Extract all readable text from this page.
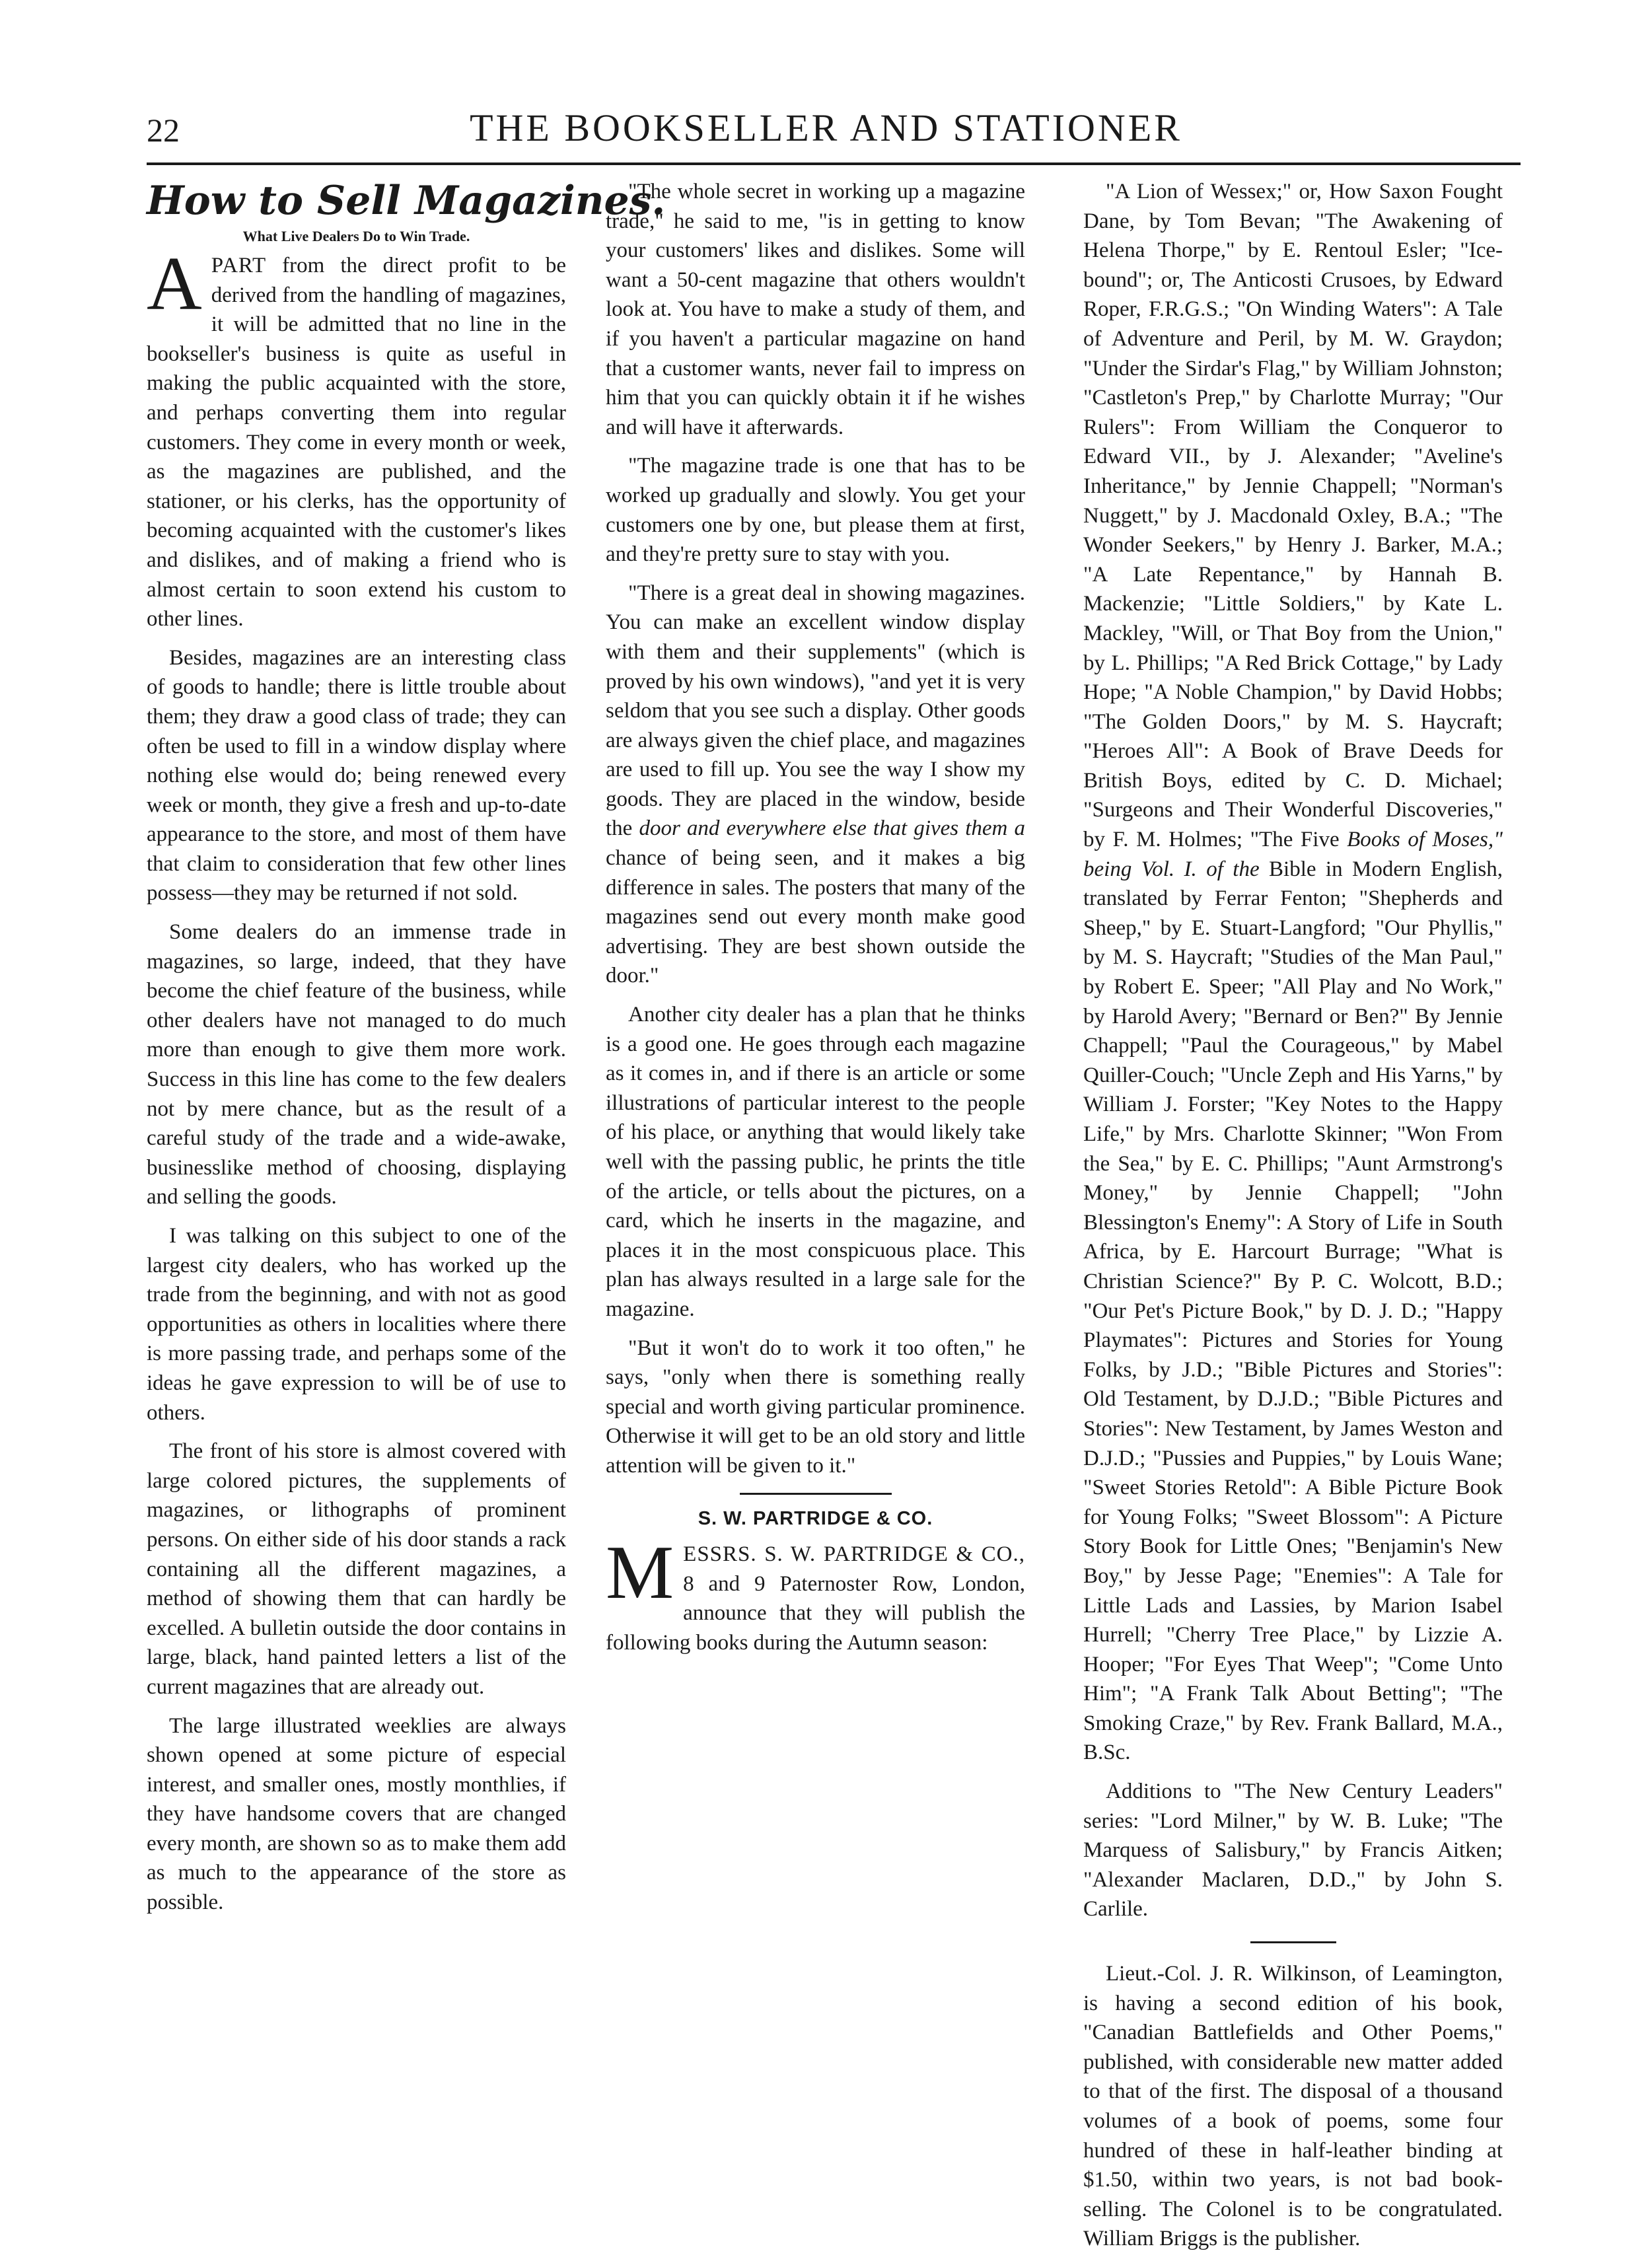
22	THE BOOKSELLER AND STATIONER
How to Sell Magazines.
What Live Dealers Do to Win Trade.

APART from the direct profit to be derived from the handling of magazines, it will be admitted that no line in the bookseller's business is quite as useful in making the public acquainted with the store, and perhaps converting them into regular customers. They come in every month or week, as the magazines are published, and the stationer, or his clerks, has the opportunity of becoming acquainted with the customer's likes and dislikes, and of making a friend who is almost certain to soon extend his custom to other lines.

Besides, magazines are an interesting class of goods to handle; there is little trouble about them; they draw a good class of trade; they can often be used to fill in a window display where nothing else would do; being renewed every week or month, they give a fresh and up-to-date appearance to the store, and most of them have that claim to consideration that few other lines possess—they may be returned if not sold.

Some dealers do an immense trade in magazines, so large, indeed, that they have become the chief feature of the business, while other dealers have not managed to do much more than enough to give them more work. Success in this line has come to the few dealers not by mere chance, but as the result of a careful study of the trade and a wide-awake, businesslike method of choosing, displaying and selling the goods.

I was talking on this subject to one of the largest city dealers, who has worked up the trade from the beginning, and with not as good opportunities as others in localities where there is more passing trade, and perhaps some of the ideas he gave expression to will be of use to others.

The front of his store is almost covered with large colored pictures, the supplements of magazines, or lithographs of prominent persons. On either side of his door stands a rack containing all the different magazines, a method of showing them that can hardly be excelled. A bulletin outside the door contains in large, black, hand painted letters a list of the current magazines that are already out.

The large illustrated weeklies are always shown opened at some picture of especial interest, and smaller ones, mostly monthlies, if they have handsome covers that are changed every month, are shown so as to make them add as much to the appearance of the store as possible.

"The whole secret in working up a magazine trade," he said to me, "is in getting to know your customers' likes and dislikes. Some will want a 50-cent magazine that others wouldn't look at. You have to make a study of them, and if you haven't a particular magazine on hand that a customer wants, never fail to impress on him that you can quickly obtain it if he wishes and will have it afterwards.

"The magazine trade is one that has to be worked up gradually and slowly. You get your customers one by one, but please them at first, and they're pretty sure to stay with you.

"There is a great deal in showing magazines. You can make an excellent window display with them and their supplements" (which is proved by his own windows), "and yet it is very seldom that you see such a display. Other goods are always given the chief place, and magazines are used to fill up. You see the way I show my goods. They are placed in the window, beside the door and everywhere else that gives them a chance of being seen, and it makes a big difference in sales. The posters that many of the magazines send out every month make good advertising. They are best shown outside the door."

Another city dealer has a plan that he thinks is a good one. He goes through each magazine as it comes in, and if there is an article or some illustrations of particular interest to the people of his place, or anything that would likely take well with the passing public, he prints the title of the article, or tells about the pictures, on a card, which he inserts in the magazine, and places it in the most conspicuous place. This plan has always resulted in a large sale for the magazine.

"But it won't do to work it too often," he says, "only when there is something really special and worth giving particular prominence. Otherwise it will get to be an old story and little attention will be given to it."

S. W. PARTRIDGE & CO.

MESSRS. S. W. PARTRIDGE & CO., 8 and 9 Paternoster Row, London, announce that they will publish the following books during the Autumn season:

"A Lion of Wessex;" or, How Saxon Fought Dane, by Tom Bevan; "The Awakening of Helena Thorpe," by E. Rentoul Esler; "Ice-bound"; or, The Anticosti Crusoes, by Edward Roper, F.R.G.S.; "On Winding Waters": A Tale of Adventure and Peril, by M. W. Graydon; "Under the Sirdar's Flag," by William Johnston; "Castleton's Prep," by Charlotte Murray; "Our Rulers": From William the Conqueror to Edward VII., by J. Alexander; "Aveline's Inheritance," by Jennie Chappell; "Norman's Nuggett," by J. Macdonald Oxley, B.A.; "The Wonder Seekers," by Henry J. Barker, M.A.; "A Late Repentance," by Hannah B. Mackenzie; "Little Soldiers," by Kate L. Mackley, "Will, or That Boy from the Union," by L. Phillips; "A Red Brick Cottage," by Lady Hope; "A Noble Champion," by David Hobbs; "The Golden Doors," by M. S. Haycraft; "Heroes All": A Book of Brave Deeds for British Boys, edited by C. D. Michael; "Surgeons and Their Wonderful Discoveries," by F. M. Holmes; "The Five Books of Moses," being Vol. I. of the Bible in Modern English, translated by Ferrar Fenton; "Shepherds and Sheep," by E. Stuart-Langford; "Our Phyllis," by M. S. Haycraft; "Studies of the Man Paul," by Robert E. Speer; "All Play and No Work," by Harold Avery; "Bernard or Ben?" By Jennie Chappell; "Paul the Courageous," by Mabel Quiller-Couch; "Uncle Zeph and His Yarns," by William J. Forster; "Key Notes to the Happy Life," by Mrs. Charlotte Skinner; "Won From the Sea," by E. C. Phillips; "Aunt Armstrong's Money," by Jennie Chappell; "John Blessington's Enemy": A Story of Life in South Africa, by E. Harcourt Burrage; "What is Christian Science?" By P. C. Wolcott, B.D.; "Our Pet's Picture Book," by D. J. D.; "Happy Playmates": Pictures and Stories for Young Folks, by J.D.; "Bible Pictures and Stories": Old Testament, by D.J.D.; "Bible Pictures and Stories": New Testament, by James Weston and D.J.D.; "Pussies and Puppies," by Louis Wane; "Sweet Stories Retold": A Bible Picture Book for Young Folks; "Sweet Blossom": A Picture Story Book for Little Ones; "Benjamin's New Boy," by Jesse Page; "Enemies": A Tale for Little Lads and Lassies, by Marion Isabel Hurrell; "Cherry Tree Place," by Lizzie A. Hooper; "For Eyes That Weep"; "Come Unto Him"; "A Frank Talk About Betting"; "The Smoking Craze," by Rev. Frank Ballard, M.A., B.Sc.

Additions to "The New Century Leaders" series: "Lord Milner," by W. B. Luke; "The Marquess of Salisbury," by Francis Aitken; "Alexander Maclaren, D.D.," by John S. Carlile.

Lieut.-Col. J. R. Wilkinson, of Leamington, is having a second edition of his book, "Canadian Battlefields and Other Poems," published, with considerable new matter added to that of the first. The disposal of a thousand volumes of a book of poems, some four hundred of these in half-leather binding at $1.50, within two years, is not bad book-selling. The Colonel is to be congratulated. William Briggs is the publisher.
